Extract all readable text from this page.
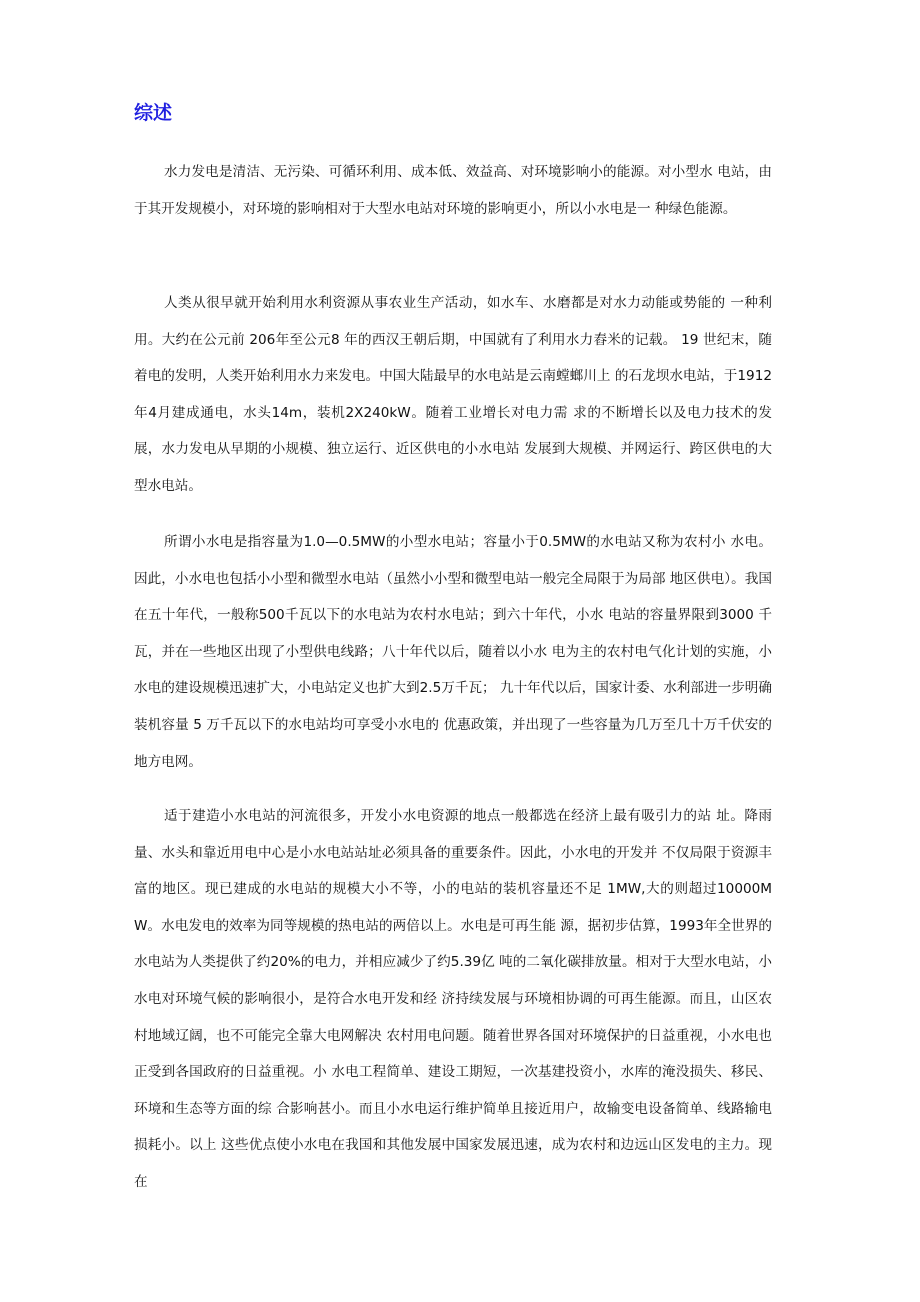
综述

水力发电是清洁、无污染、可循环利用、成本低、效益高、对环境影响小的能源。对小型水 电站，由于其开发规模小，对环境的影响相对于大型水电站对环境的影响更小，所以小水电是一 种绿色能源。

人类从很早就开始利用水利资源从事农业生产活动，如水车、水磨都是对水力动能或势能的 一种利用。大约在公元前 206年至公元8 年的西汉王朝后期，中国就有了利用水力舂米的记载。 19 世纪末，随着电的发明，人类开始利用水力来发电。中国大陆最早的水电站是云南螳螂川上 的石龙坝水电站，于1912年4月建成通电，水头14m，装机2X240kW。随着工业增长对电力需 求的不断增长以及电力技术的发展，水力发电从早期的小规模、独立运行、近区供电的小水电站 发展到大规模、并网运行、跨区供电的大型水电站。

所谓小水电是指容量为1.0—0.5MW的小型水电站；容量小于0.5MW的水电站又称为农村小 水电。因此，小水电也包括小小型和微型水电站（虽然小小型和微型电站一般完全局限于为局部 地区供电）。我国在五十年代，一般称500千瓦以下的水电站为农村水电站；到六十年代，小水 电站的容量界限到3000 千瓦，并在一些地区出现了小型供电线路；八十年代以后，随着以小水 电为主的农村电气化计划的实施，小水电的建设规模迅速扩大，小电站定义也扩大到2.5万千瓦； 九十年代以后，国家计委、水利部进一步明确装机容量 5 万千瓦以下的水电站均可享受小水电的 优惠政策，并出现了一些容量为几万至几十万千伏安的地方电网。

适于建造小水电站的河流很多，开发小水电资源的地点一般都选在经济上最有吸引力的站 址。降雨量、水头和靠近用电中心是小水电站站址必须具备的重要条件。因此，小水电的开发并 不仅局限于资源丰富的地区。现已建成的水电站的规模大小不等，小的电站的装机容量还不足 1MW,大的则超过10000MW。水电发电的效率为同等规模的热电站的两倍以上。水电是可再生能 源，据初步估算，1993年全世界的水电站为人类提供了约20%的电力，并相应减少了约5.39亿 吨的二氧化碳排放量。相对于大型水电站，小水电对环境气候的影响很小，是符合水电开发和经 济持续发展与环境相协调的可再生能源。而且，山区农村地域辽阔，也不可能完全靠大电网解决 农村用电问题。随着世界各国对环境保护的日益重视，小水电也正受到各国政府的日益重视。小 水电工程简单、建设工期短，一次基建投资小，水库的淹没损失、移民、环境和生态等方面的综 合影响甚小。而且小水电运行维护简单且接近用户，故输变电设备简单、线路输电损耗小。以上 这些优点使小水电在我国和其他发展中国家发展迅速，成为农村和边远山区发电的主力。现在
